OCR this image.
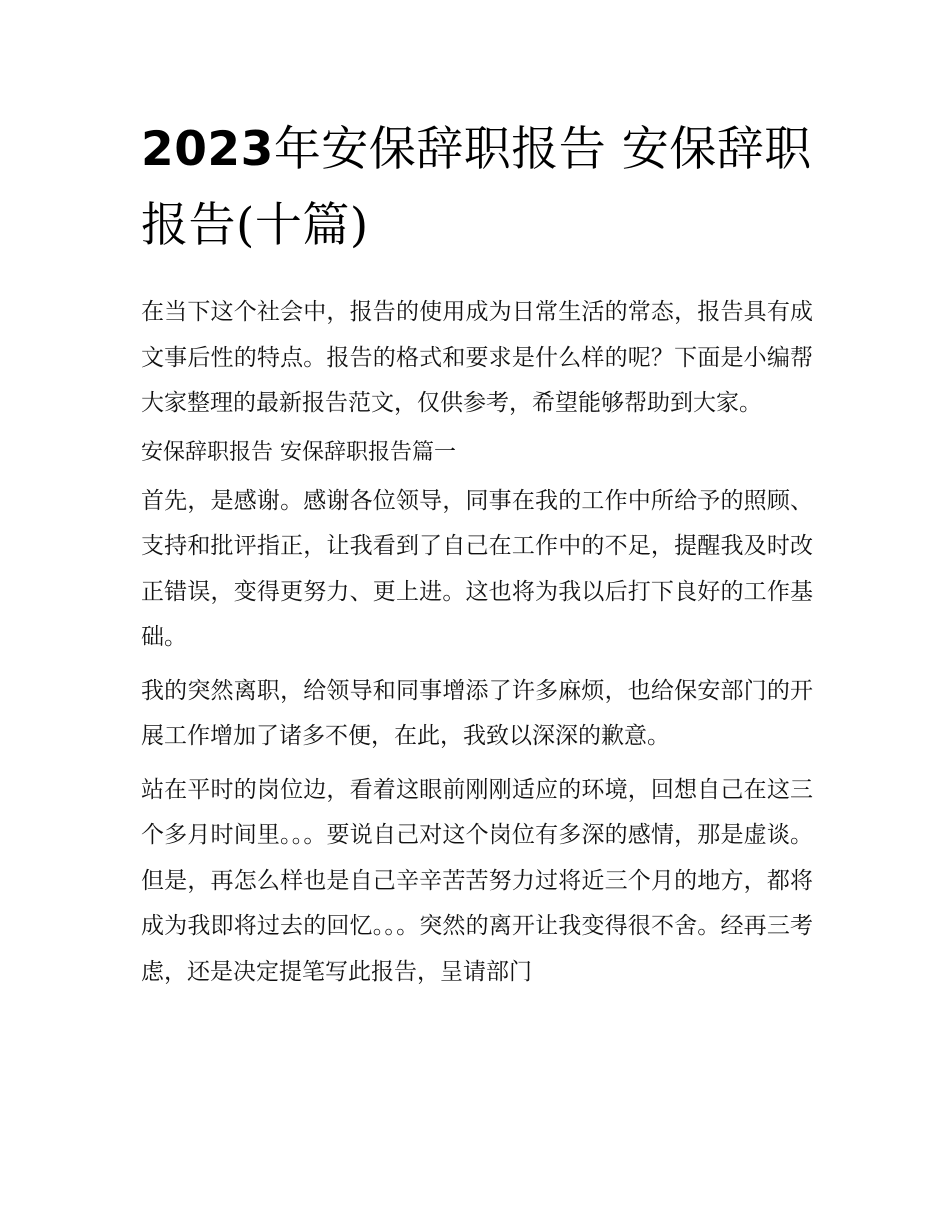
2023年安保辞职报告 安保辞职报告(十篇)

在当下这个社会中，报告的使用成为日常生活的常态，报告具有成文事后性的特点。报告的格式和要求是什么样的呢？下面是小编帮大家整理的最新报告范文，仅供参考，希望能够帮助到大家。

安保辞职报告 安保辞职报告篇一

首先，是感谢。感谢各位领导，同事在我的工作中所给予的照顾、支持和批评指正，让我看到了自己在工作中的不足，提醒我及时改正错误，变得更努力、更上进。这也将为我以后打下良好的工作基础。

我的突然离职，给领导和同事增添了许多麻烦，也给保安部门的开展工作增加了诸多不便，在此，我致以深深的歉意。

站在平时的岗位边，看着这眼前刚刚适应的环境，回想自己在这三个多月时间里。。。要说自己对这个岗位有多深的感情，那是虚谈。但是，再怎么样也是自己辛辛苦苦努力过将近三个月的地方，都将成为我即将过去的回忆。。。突然的离开让我变得很不舍。经再三考虑，还是决定提笔写此报告，呈请部门
